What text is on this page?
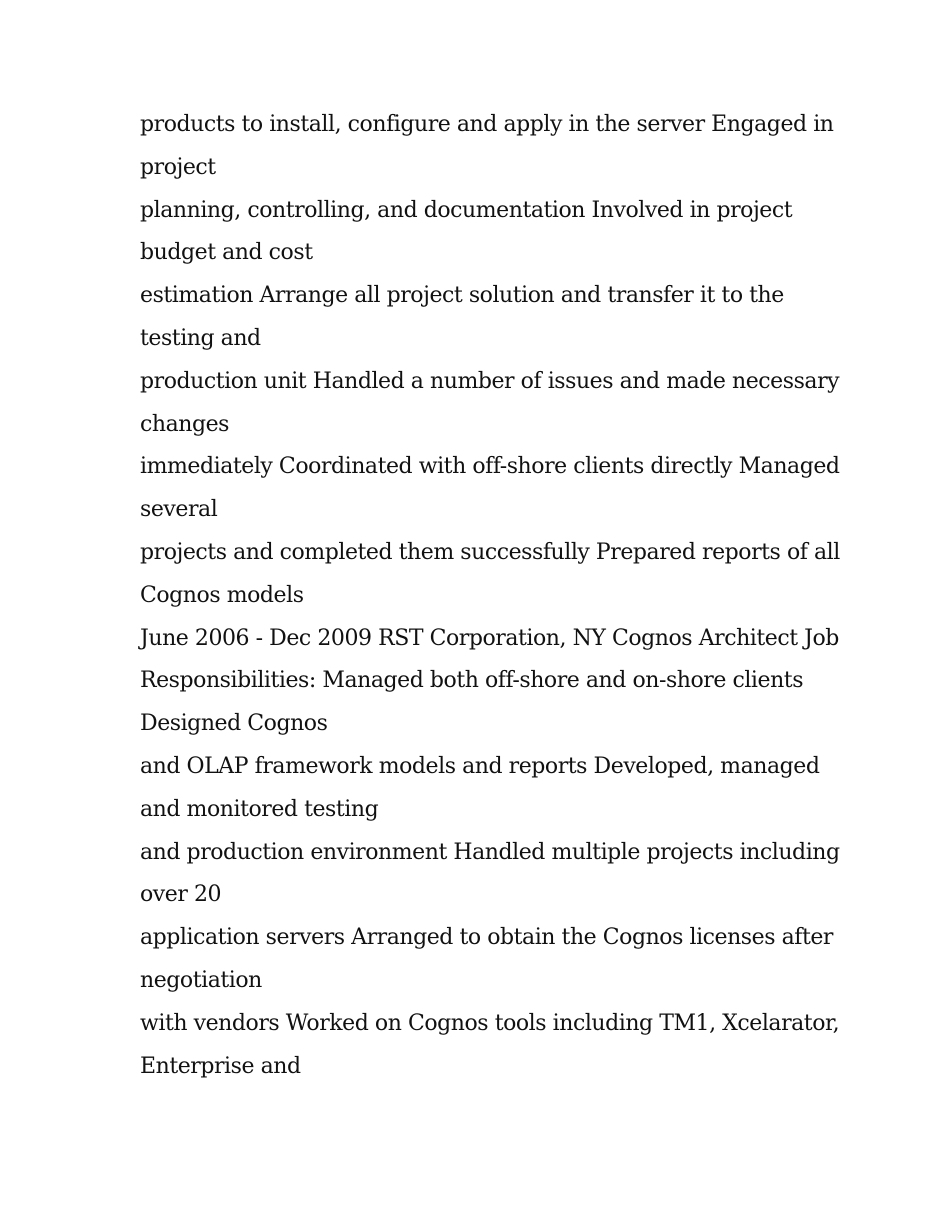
products to install, configure and apply in the server Engaged in
project
planning, controlling, and documentation Involved in project
budget and cost
estimation Arrange all project solution and transfer it to the
testing and
production unit Handled a number of issues and made necessary
changes
immediately Coordinated with off-shore clients directly Managed
several
projects and completed them successfully Prepared reports of all
Cognos models
June 2006 - Dec 2009 RST Corporation, NY Cognos Architect Job
Responsibilities: Managed both off-shore and on-shore clients
Designed Cognos
and OLAP framework models and reports Developed, managed
and monitored testing
and production environment Handled multiple projects including
over 20
application servers Arranged to obtain the Cognos licenses after
negotiation
with vendors Worked on Cognos tools including TM1, Xcelarator,
Enterprise and
